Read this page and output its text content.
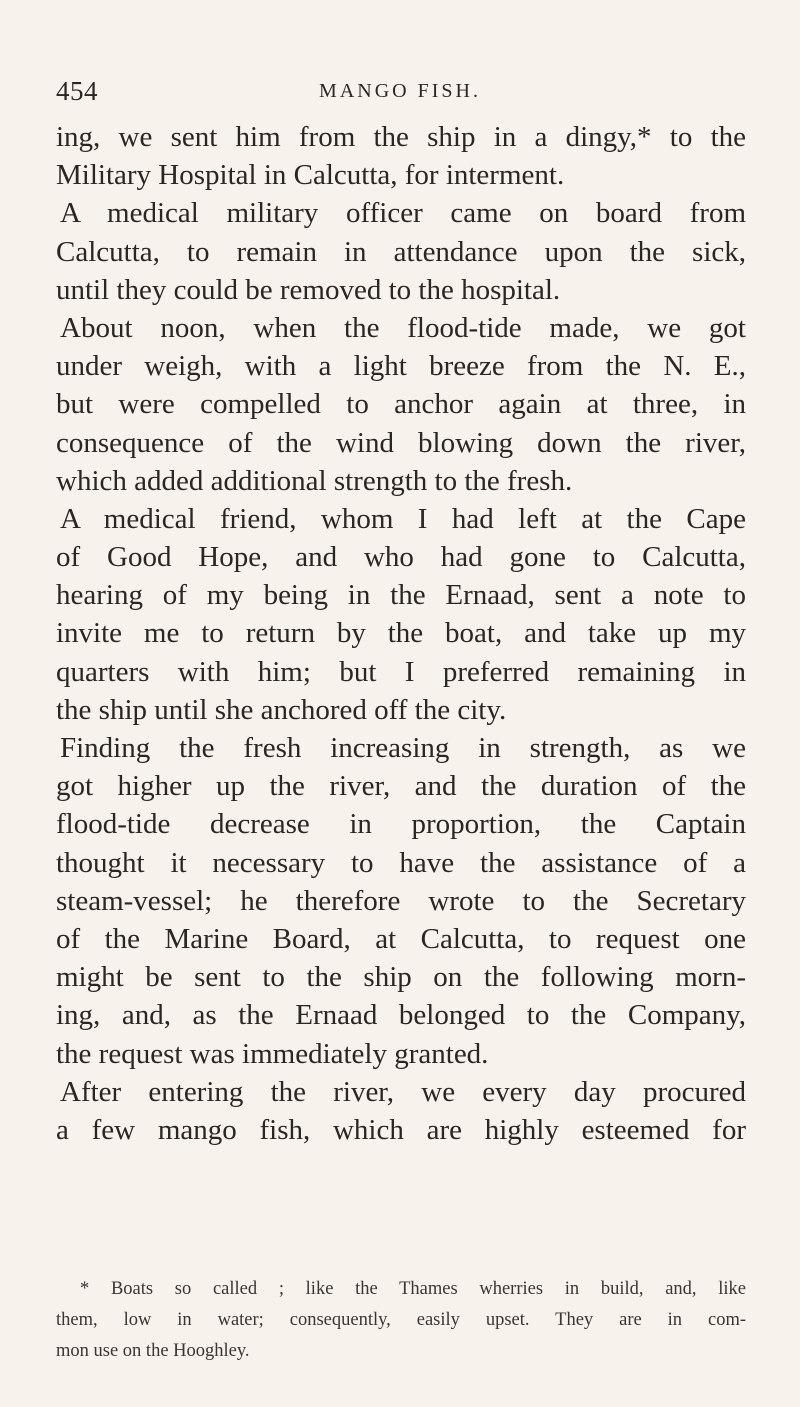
454	MANGO FISH.
ing, we sent him from the ship in a dingy,* to the
Military Hospital in Calcutta, for interment.
A medical military officer came on board from
Calcutta, to remain in attendance upon the sick,
until they could be removed to the hospital.
About noon, when the flood-tide made, we got
under weigh, with a light breeze from the N. E.,
but were compelled to anchor again at three, in
consequence of the wind blowing down the river,
which added additional strength to the fresh.
A medical friend, whom I had left at the Cape
of Good Hope, and who had gone to Calcutta,
hearing of my being in the Ernaad, sent a note to
invite me to return by the boat, and take up my
quarters with him; but I preferred remaining in
the ship until she anchored off the city.
Finding the fresh increasing in strength, as we
got higher up the river, and the duration of the
flood-tide decrease in proportion, the Captain
thought it necessary to have the assistance of a
steam-vessel; he therefore wrote to the Secretary
of the Marine Board, at Calcutta, to request one
might be sent to the ship on the following morn-
ing, and, as the Ernaad belonged to the Company,
the request was immediately granted.
After entering the river, we every day procured
a few mango fish, which are highly esteemed for
* Boats so called ; like the Thames wherries in build, and, like
them, low in water; consequently, easily upset. They are in com-
mon use on the Hooghley.
